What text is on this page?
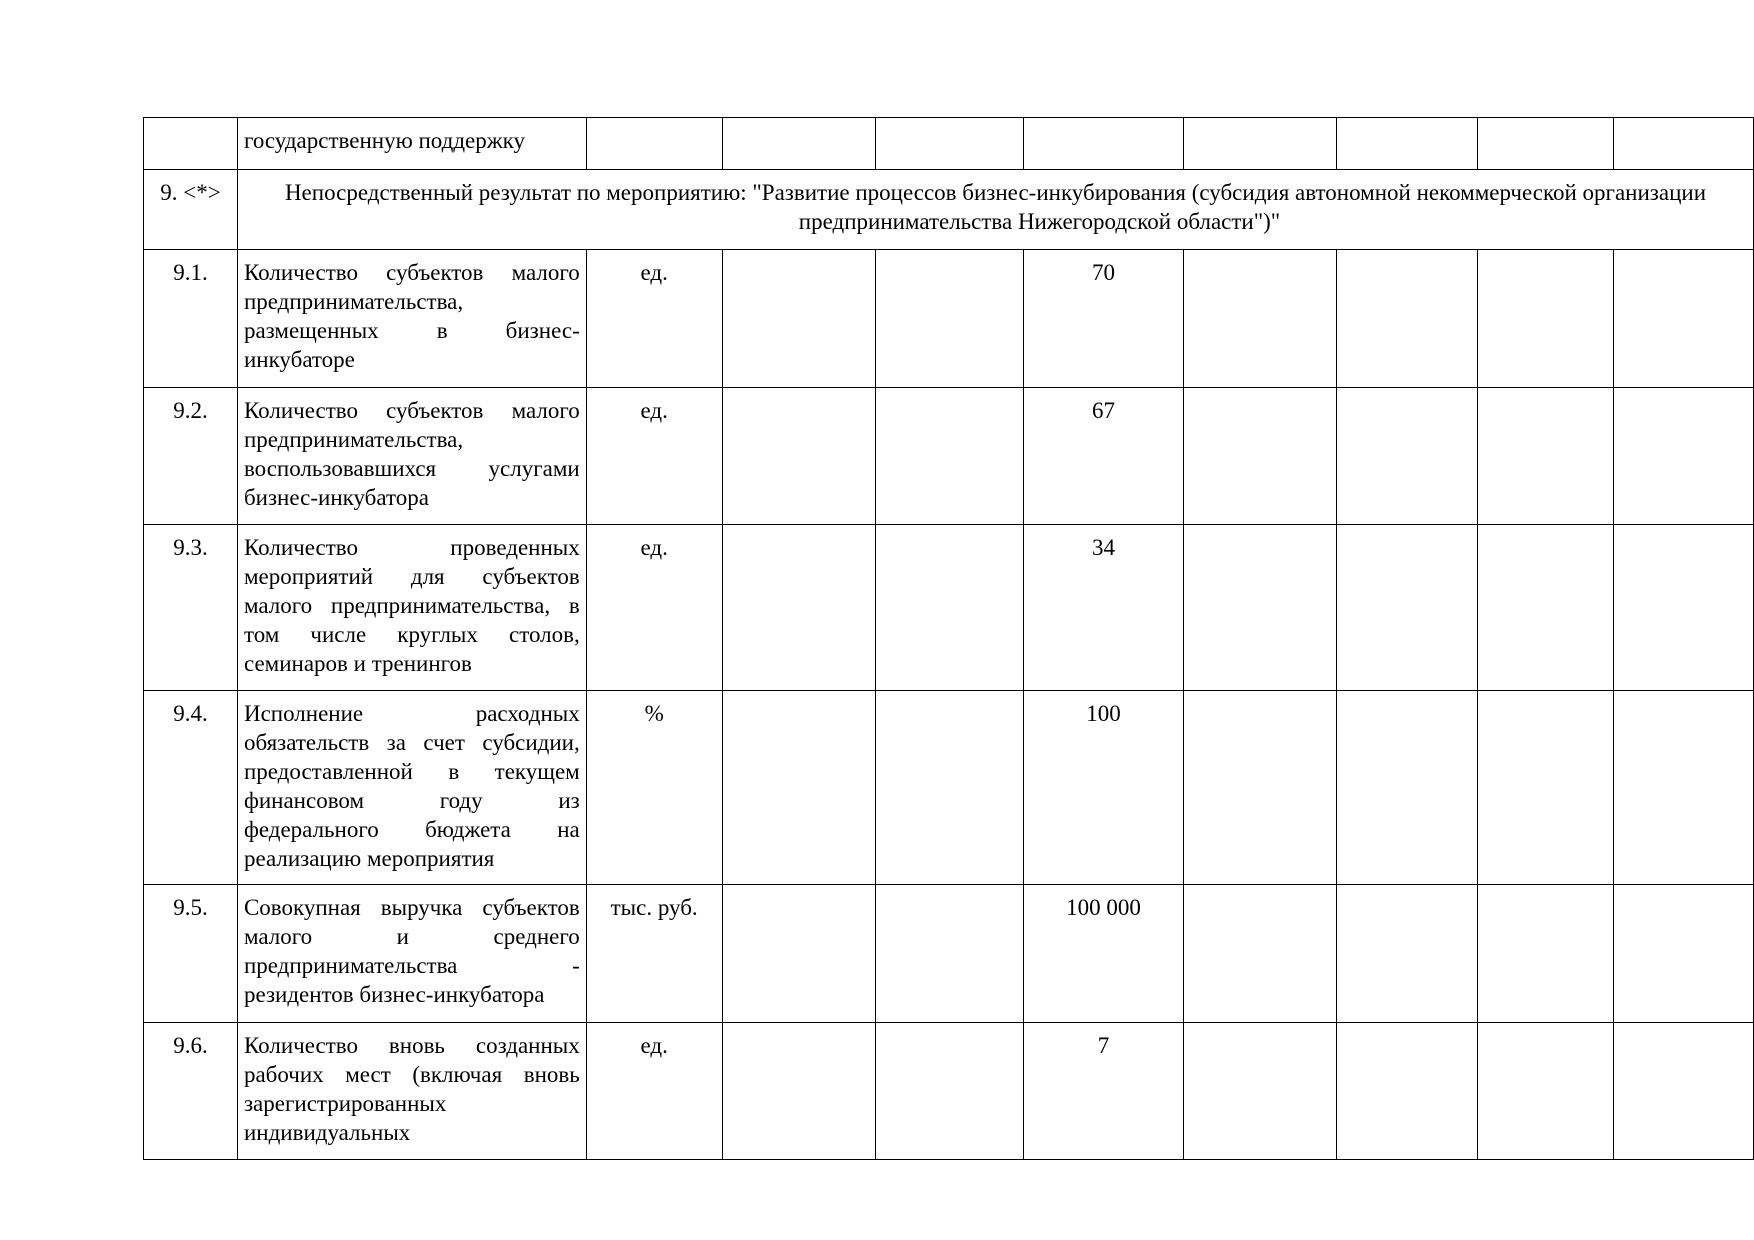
	государственную поддержку								
9. <*>	Непосредственный результат по мероприятию: "Развитие процессов бизнес-инкубирования (субсидия автономной некоммерческой организации
предпринимательства Нижегородской области")"								

9.1.	Количество субъектов малого предпринимательства, размещенных в бизнес-инкубаторе	ед.			70				
9.2.	Количество субъектов малого предпринимательства, воспользовавшихся услугами бизнес-инкубатора	ед.			67				
9.3.	Количество проведенных мероприятий для субъектов малого предпринимательства, в том числе круглых столов, семинаров и тренингов	ед.			34				
9.4.	Исполнение расходных обязательств за счет субсидии, предоставленной в текущем финансовом году из федерального бюджета на реализацию мероприятия	%			100				
9.5.	Совокупная выручка субъектов малого и среднего предпринимательства - резидентов бизнес-инкубатора	тыс. руб.			100 000				
9.6.	Количество вновь созданных рабочих мест (включая вновь зарегистрированных индивидуальных	ед.			7				
